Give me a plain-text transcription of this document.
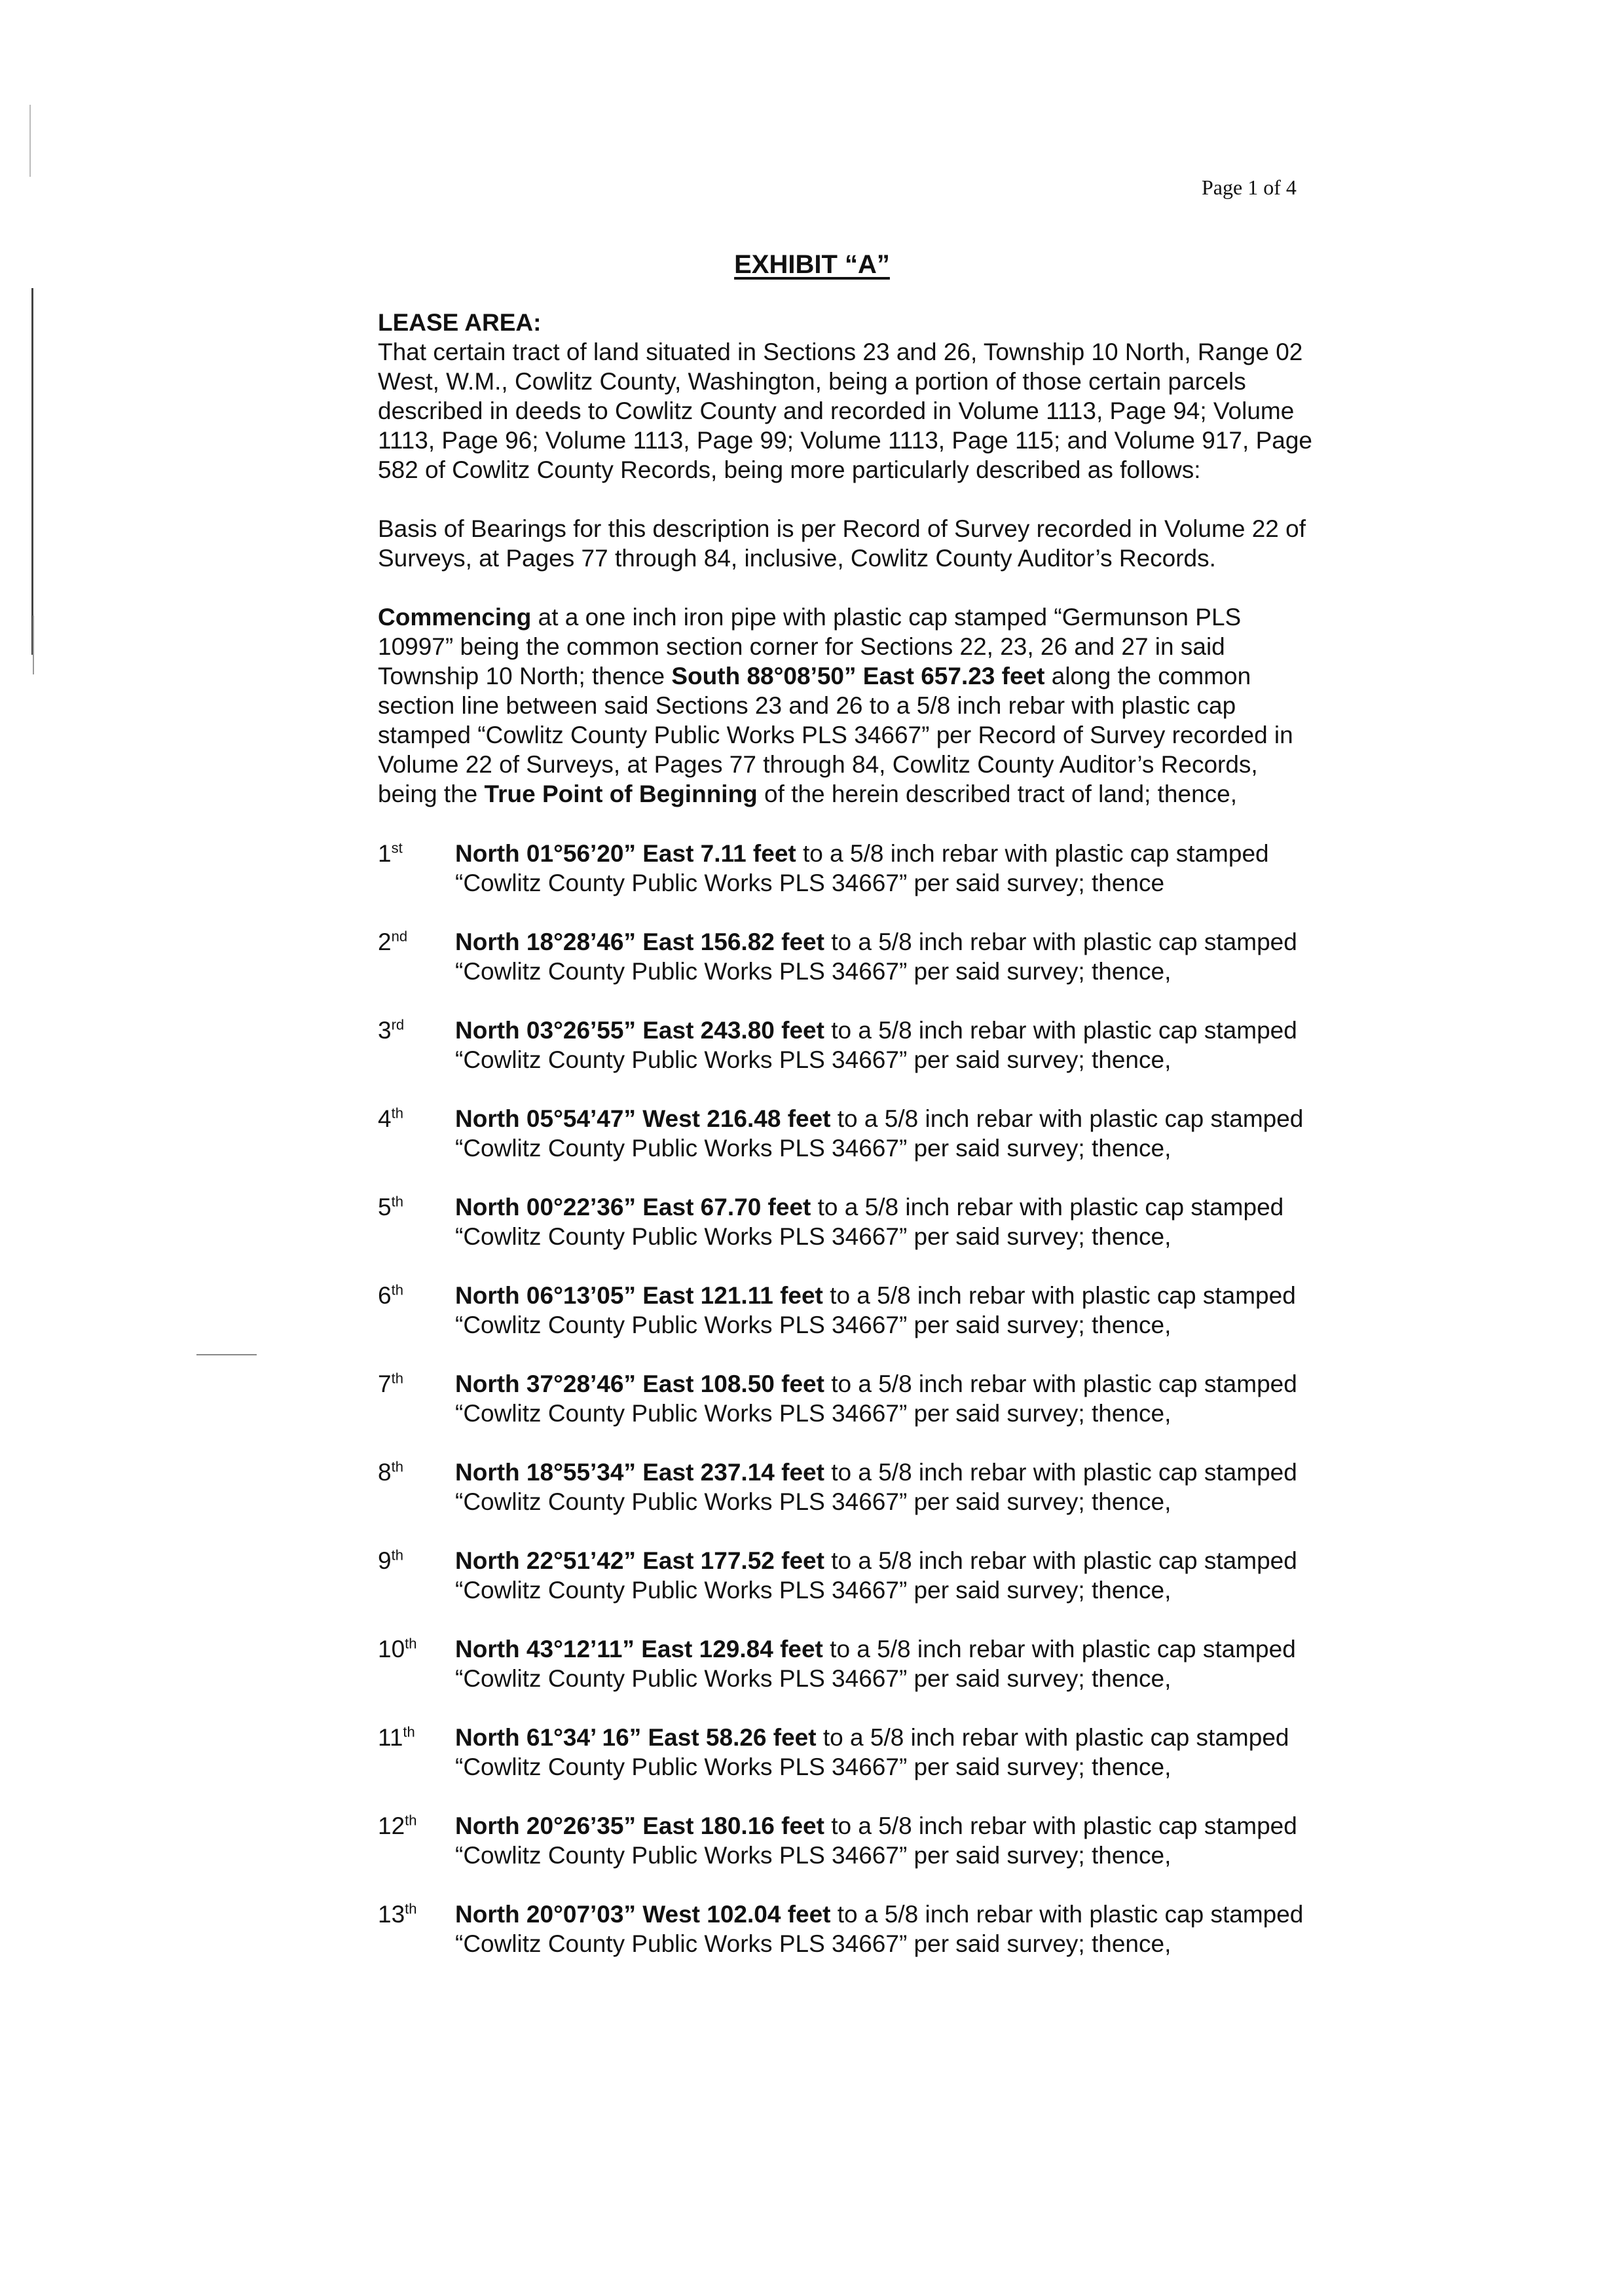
Page 1 of 4
EXHIBIT “A”

LEASE AREA:

That certain tract of land situated in Sections 23 and 26, Township 10 North, Range 02 West, W.M., Cowlitz County, Washington, being a portion of those certain parcels described in deeds to Cowlitz County and recorded in Volume 1113, Page 94; Volume 1113, Page 96; Volume 1113, Page 99; Volume 1113, Page 115; and Volume 917, Page 582 of Cowlitz County Records, being more particularly described as follows:

Basis of Bearings for this description is per Record of Survey recorded in Volume 22 of Surveys, at Pages 77 through 84, inclusive, Cowlitz County Auditor’s Records.

Commencing at a one inch iron pipe with plastic cap stamped “Germunson PLS 10997” being the common section corner for Sections 22, 23, 26 and 27 in said Township 10 North; thence South 88°08’50” East 657.23 feet along the common section line between said Sections 23 and 26 to a 5/8 inch rebar with plastic cap stamped “Cowlitz County Public Works PLS 34667” per Record of Survey recorded in Volume 22 of Surveys, at Pages 77 through 84, Cowlitz County Auditor’s Records, being the True Point of Beginning of the herein described tract of land; thence,

1st	North 01°56’20” East 7.11 feet to a 5/8 inch rebar with plastic cap stamped “Cowlitz County Public Works PLS 34667” per said survey; thence
2nd	North 18°28’46” East 156.82 feet to a 5/8 inch rebar with plastic cap stamped “Cowlitz County Public Works PLS 34667” per said survey; thence,
3rd	North 03°26’55” East 243.80 feet to a 5/8 inch rebar with plastic cap stamped “Cowlitz County Public Works PLS 34667” per said survey; thence,
4th	North 05°54’47” West 216.48 feet to a 5/8 inch rebar with plastic cap stamped “Cowlitz County Public Works PLS 34667” per said survey; thence,
5th	North 00°22’36” East 67.70 feet to a 5/8 inch rebar with plastic cap stamped “Cowlitz County Public Works PLS 34667” per said survey; thence,
6th	North 06°13’05” East 121.11 feet to a 5/8 inch rebar with plastic cap stamped “Cowlitz County Public Works PLS 34667” per said survey; thence,
7th	North 37°28’46” East 108.50 feet to a 5/8 inch rebar with plastic cap stamped “Cowlitz County Public Works PLS 34667” per said survey; thence,
8th	North 18°55’34” East 237.14 feet to a 5/8 inch rebar with plastic cap stamped “Cowlitz County Public Works PLS 34667” per said survey; thence,
9th	North 22°51’42” East 177.52 feet to a 5/8 inch rebar with plastic cap stamped “Cowlitz County Public Works PLS 34667” per said survey; thence,
10th	North 43°12’11” East 129.84 feet to a 5/8 inch rebar with plastic cap stamped “Cowlitz County Public Works PLS 34667” per said survey; thence,
11th	North 61°34’ 16” East 58.26 feet to a 5/8 inch rebar with plastic cap stamped “Cowlitz County Public Works PLS 34667” per said survey; thence,
12th	North 20°26’35” East 180.16 feet to a 5/8 inch rebar with plastic cap stamped “Cowlitz County Public Works PLS 34667” per said survey; thence,
13th	North 20°07’03” West 102.04 feet to a 5/8 inch rebar with plastic cap stamped “Cowlitz County Public Works PLS 34667” per said survey; thence,
